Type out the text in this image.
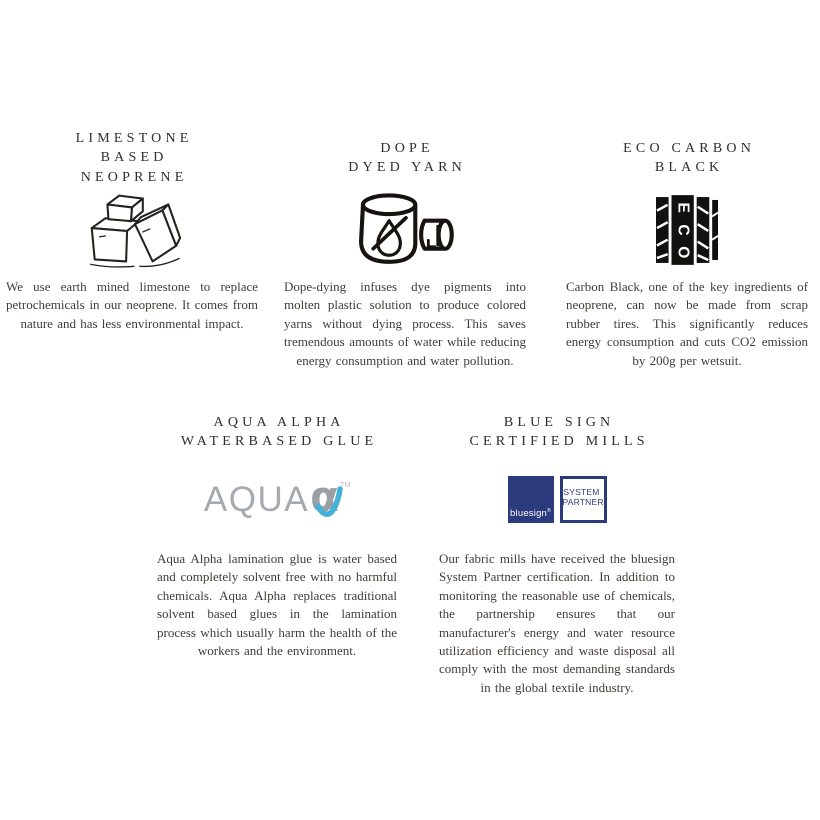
LIMESTONE
BASED
NEOPRENE

We use earth mined limestone to replace petrochemicals in our neoprene. It comes from nature and has less environmental impact.

DOPE
DYED YARN

Dope-dying infuses dye pigments into molten plastic solution to produce colored yarns without dying process. This saves tremendous amounts of water while reducing energy consumption and water pollution.

E
C
O
ECO CARBON
BLACK

Carbon Black, one of the key ingredients of neoprene, can now be made from scrap rubber tires. This significantly reduces energy consumption and cuts CO2 emission by 200g per wetsuit.

AQUA ALPHA
WATERBASED GLUE
AQUA α TM

Aqua Alpha lamination glue is water based and completely solvent free with no harmful chemicals. Aqua Alpha replaces traditional solvent based glues in the lamination process which usually harm the health of the workers and the environment.

BLUE SIGN
CERTIFIED MILLS
bluesign®
SYSTEM
PARTNER

Our fabric mills have received the bluesign System Partner certification. In addition to monitoring the reasonable use of chemicals, the partnership ensures that our manufacturer's energy and water resource utilization efficiency and waste disposal all comply with the most demanding standards in the global textile industry.
